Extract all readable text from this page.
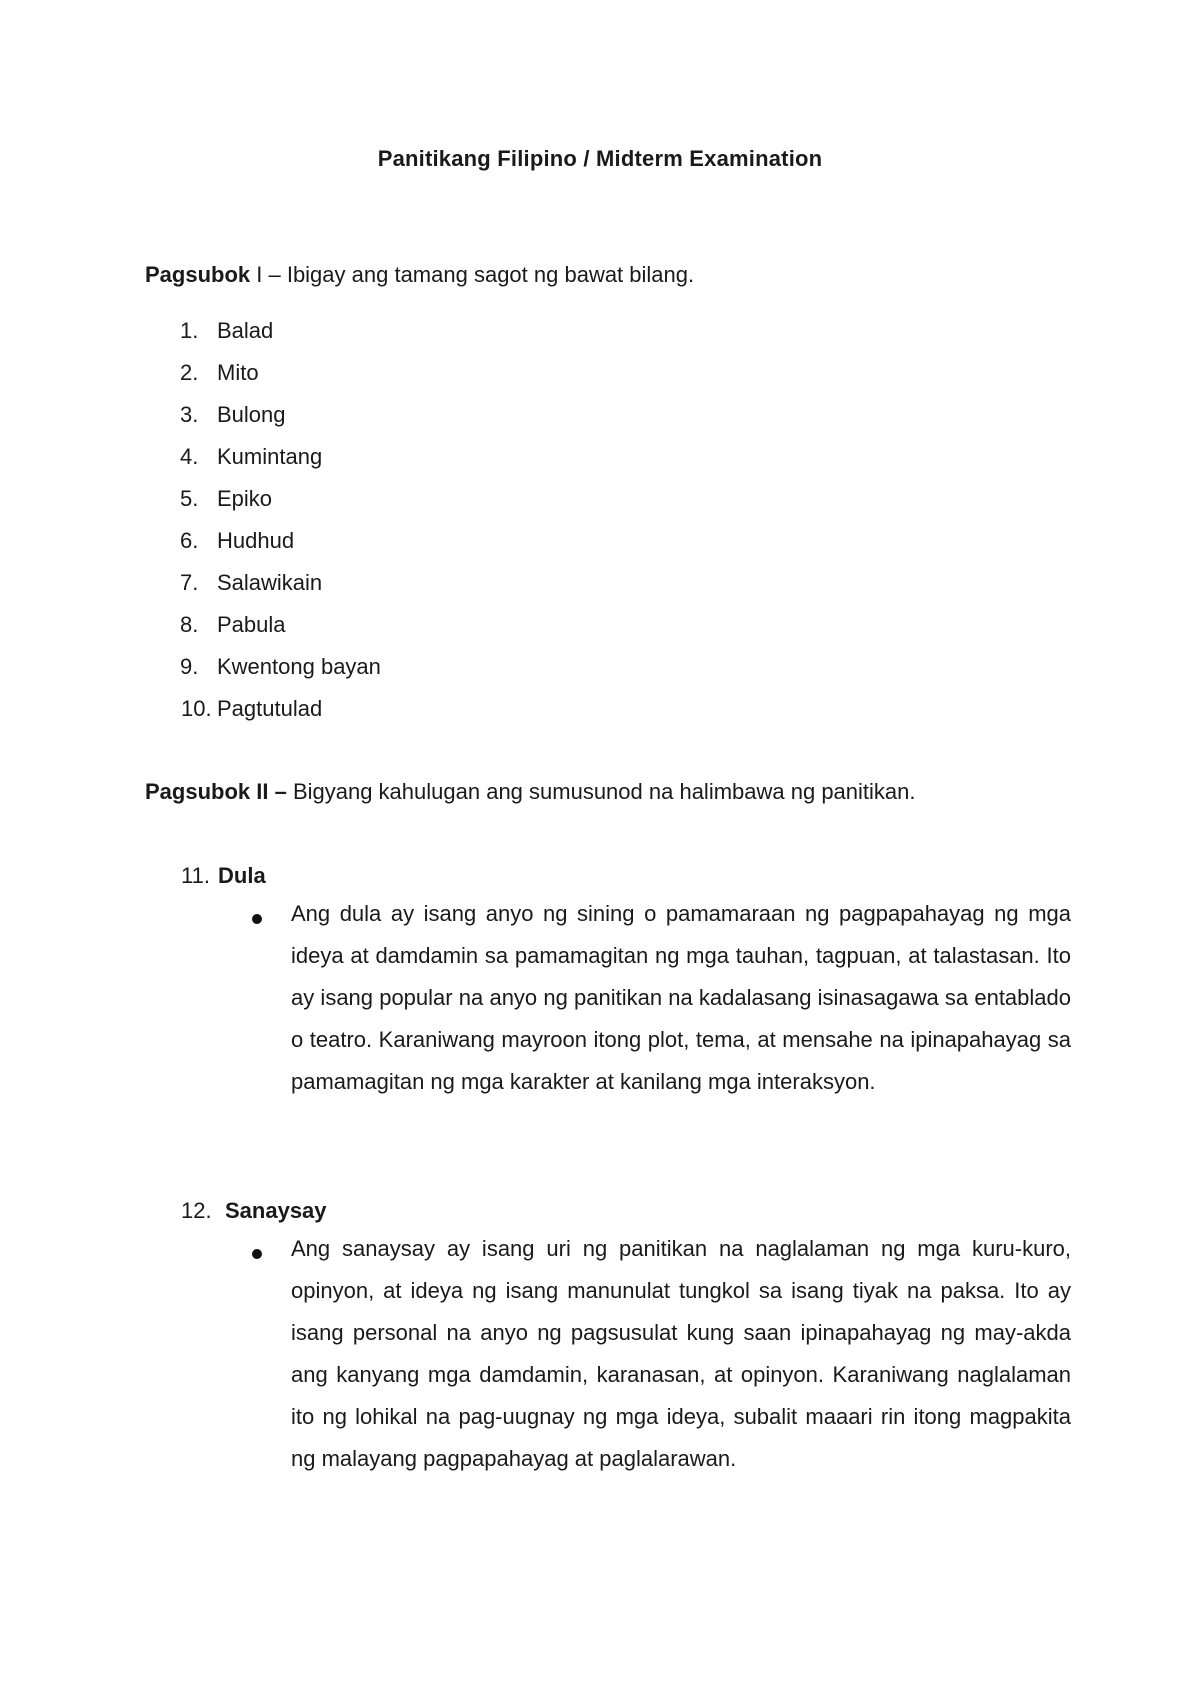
Panitikang Filipino / Midterm Examination
Pagsubok I – Ibigay ang tamang sagot ng bawat bilang.
1. Balad
2. Mito
3. Bulong
4. Kumintang
5. Epiko
6. Hudhud
7. Salawikain
8. Pabula
9. Kwentong bayan
10. Pagtutulad
Pagsubok II – Bigyang kahulugan ang sumusunod na halimbawa ng panitikan.
11. Dula

Ang dula ay isang anyo ng sining o pamamaraan ng pagpapahayag ng mga ideya at damdamin sa pamamagitan ng mga tauhan, tagpuan, at talastasan. Ito ay isang popular na anyo ng panitikan na kadalasang isinasagawa sa entablado o teatro. Karaniwang mayroon itong plot, tema, at mensahe na ipinapahayag sa pamamagitan ng mga karakter at kanilang mga interaksyon.

12. Sanaysay

Ang sanaysay ay isang uri ng panitikan na naglalaman ng mga kuru-kuro, opinyon, at ideya ng isang manunulat tungkol sa isang tiyak na paksa. Ito ay isang personal na anyo ng pagsusulat kung saan ipinapahayag ng may-akda ang kanyang mga damdamin, karanasan, at opinyon. Karaniwang naglalaman ito ng lohikal na pag-uugnay ng mga ideya, subalit maaari rin itong magpakita ng malayang pagpapahayag at paglalarawan.
